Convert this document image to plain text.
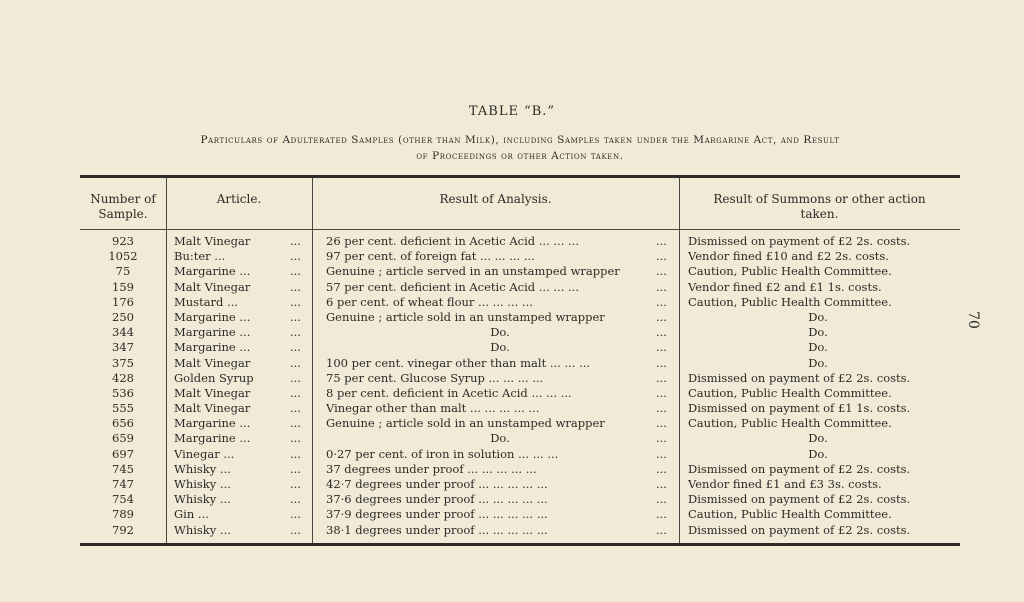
TABLE “B.”
Particulars of Adulterated Samples (other than Milk), including Samples taken under the Margarine Act, and Result
of Proceedings or other Action taken.
70
Number of
Sample.
Article.	Result of Analysis.	Result of Summons or other action
taken.
923	Malt Vinegar	...	26 per cent. deficient in Acetic Acid ... ... ...	...	Dismissed on payment of £2 2s. costs.
1052	Bu:ter ...	...	97 per cent. of foreign fat ... ... ... ...	...	Vendor fined £10 and £2 2s. costs.
75	Margarine ...	...	Genuine ; article served in an unstamped wrapper	...	Caution, Public Health Committee.
159	Malt Vinegar	...	57 per cent. deficient in Acetic Acid ... ... ...	...	Vendor fined £2 and £1 1s. costs.
176	Mustard ...	...	6 per cent. of wheat flour ... ... ... ...	...	Caution, Public Health Committee.
250	Margarine ...	...	Genuine ; article sold in an unstamped wrapper	...	Do.
344	Margarine ...	...	Do.	...	Do.
347	Margarine ...	...	Do.	...	Do.
375	Malt Vinegar	...	100 per cent. vinegar other than malt ... ... ...	...	Do.
428	Golden Syrup	...	75 per cent. Glucose Syrup ... ... ... ...	...	Dismissed on payment of £2 2s. costs.
536	Malt Vinegar	...	8 per cent. deficient in Acetic Acid ... ... ...	...	Caution, Public Health Committee.
555	Malt Vinegar	...	Vinegar other than malt ... ... ... ... ...	...	Dismissed on payment of £1 1s. costs.
656	Margarine ...	...	Genuine ; article sold in an unstamped wrapper	...	Caution, Public Health Committee.
659	Margarine ...	...	Do.	...	Do.
697	Vinegar ...	...	0·27 per cent. of iron in solution ... ... ...	...	Do.
745	Whisky ...	...	37 degrees under proof ... ... ... ... ...	...	Dismissed on payment of £2 2s. costs.
747	Whisky ...	...	42·7 degrees under proof ... ... ... ... ...	...	Vendor fined £1 and £3 3s. costs.
754	Whisky ...	...	37·6 degrees under proof ... ... ... ... ...	...	Dismissed on payment of £2 2s. costs.
789	Gin ...	...	37·9 degrees under proof ... ... ... ... ...	...	Caution, Public Health Committee.
792	Whisky ...	...	38·1 degrees under proof ... ... ... ... ...	...	Dismissed on payment of £2 2s. costs.
